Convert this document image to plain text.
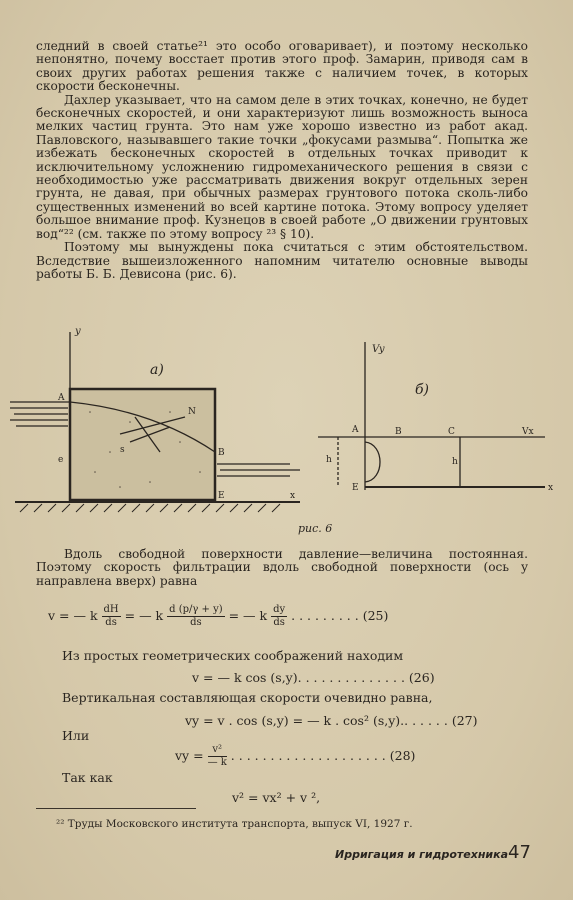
следний в своей статье²¹ это особо оговаривает), и поэтому несколько непонятно, почему восстает против этого проф. Замарин, приводя сам в своих других работах решения также с наличием точек, в которых скорости бесконечны.

Дахлер указывает, что на самом деле в этих точках, конечно, не будет бесконечных скоростей, и они характеризуют лишь возможность выноса мелких частиц грунта. Это нам уже хорошо известно из работ акад. Павловского, называвшего такие точки „фокусами размыва“. Попытка же избежать бесконечных скоростей в отдельных точках приводит к исключительному усложнению гидромеханического решения в связи с необходимостью уже рассматривать движения вокруг отдельных зерен грунта, не давая, при обычных размерах грунтового потока сколь-либо существенных изменений во всей картине потока. Этому вопросу уделяет большое внимание проф. Кузнецов в своей работе „О движении грунтовых вод“²² (см. также по этому вопросу ²³ § 10).

Поэтому мы вынуждены пока считаться с этим обстоятельством. Вследствие вышеизложенного напомним читателю основные выводы работы Б. Б. Девисона (рис. 6).

y
а)
A
B
E	x
N
e
s
рис. 6
Vy
б)
A	B	C
E
Vx
x
h
h

Вдоль свободной поверхности давление—величина постоянная. Поэтому скорость фильтрации вдоль свободной поверхности (ось y направлена вверх) равна

v = — k $\frac{dH}{ds}$ = — k $\frac{d (p/\gamma + y)}{ds}$ = — k $\frac{dy}{ds}$ . . . . . . . . . (25)
Из простых геометрических соображений находим
v = — k cos (s,y). . . . . . . . . . . . . . (26)
Вертикальная составляющая скорости очевидно равна,
vy = v . cos (s,y) = — k . cos² (s,y).. . . . . . (27)
Или
vy = $\frac{\text{v²}}{— k}$ . . . . . . . . . . . . . . . . . . . . (28)
Так как
v² = vx² + v ²,
²² Труды Московского института транспорта, выпуск VI, 1927 г.
Ирригация и гидротехника 47
